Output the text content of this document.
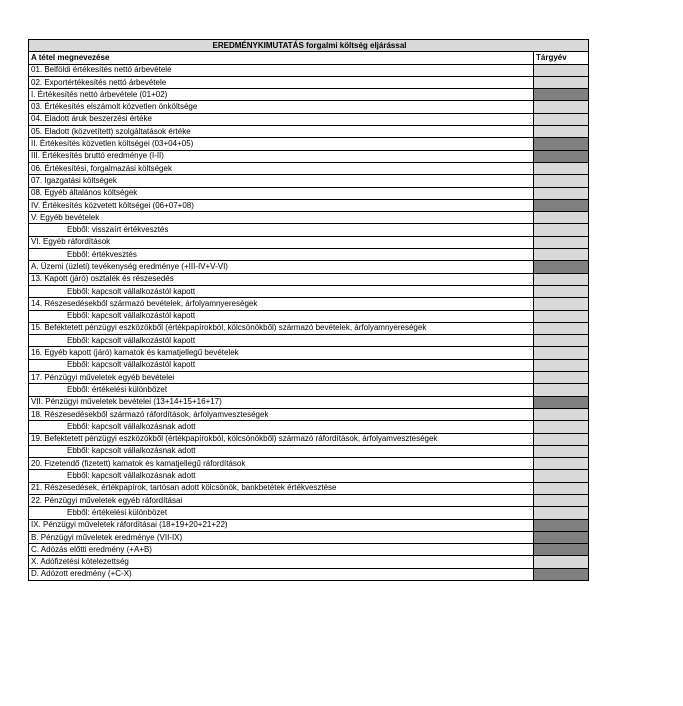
EREDMÉNYKIMUTATÁS forgalmi költség eljárással	
A tétel megnevezése	Tárgyév
01. Belföldi értékesítés nettó árbevétele	
02. Exportértékesítés nettó árbevétele	
I. Értékesítés nettó árbevétele (01+02)	
03. Értékesítés elszámolt közvetlen önköltsége	
04. Eladott áruk beszerzési értéke	
05. Eladott (közvetített) szolgáltatások értéke	
II. Értékesítés közvetlen költségei (03+04+05)	
III. Értékesítés bruttó eredménye (I-II)	
06. Értékesítési, forgalmazási költségek	
07. Igazgatási költségek	
08. Egyéb általános költségek	
IV. Értékesítés közvetett költségei (06+07+08)	
V. Egyéb bevételek	
Ebből: visszaírt értékvesztés	
VI. Egyéb ráfordítások	
Ebből: értékvesztés	
A. Üzemi (üzleti) tevékenység eredménye (+III-IV+V-VI)	
13. Kapott (járó) osztalék és részesedés	
Ebből: kapcsolt vállalkozástól kapott	
14. Részesedésekből származó bevételek, árfolyamnyereségek	
Ebből: kapcsolt vállalkozástól kapott	
15. Befektetett pénzügyi eszközökből (értékpapírokból, kölcsönökből) származó bevételek, árfolyamnyereségek	
Ebből: kapcsolt vállalkozástól kapott	
16. Egyéb kapott (járó) kamatok és kamatjellegű bevételek	
Ebből: kapcsolt vállalkozástól kapott	
17. Pénzügyi műveletek egyéb bevételei	
Ebből: értékelési különbözet	
VII. Pénzügyi műveletek bevételei (13+14+15+16+17)	
18. Részesedésekből származó ráfordítások, árfolyamveszteségek	
Ebből: kapcsolt vállalkozásnak adott	
19. Befektetett pénzügyi eszközökből (értékpapírokból, kölcsönökből) származó ráfordítások, árfolyamveszteségek	
Ebből: kapcsolt vállalkozásnak adott	
20. Fizetendő (fizetett) kamatok és kamatjellegű ráfordítások	
Ebből: kapcsolt vállalkozásnak adott	
21. Részesedések, értékpapírok, tartósan adott kölcsönök, bankbetétek értékvesztése	
22. Pénzügyi műveletek egyéb ráfordításai	
Ebből: értékelési különbözet	
IX. Pénzügyi műveletek ráfordításai (18+19+20+21+22)	
B. Pénzügyi műveletek eredménye (VII-IX)	
C. Adózás előtti eredmény (+A+B)	
X. Adófizetési kötelezettség	
D. Adózott eredmény (+C-X)	
